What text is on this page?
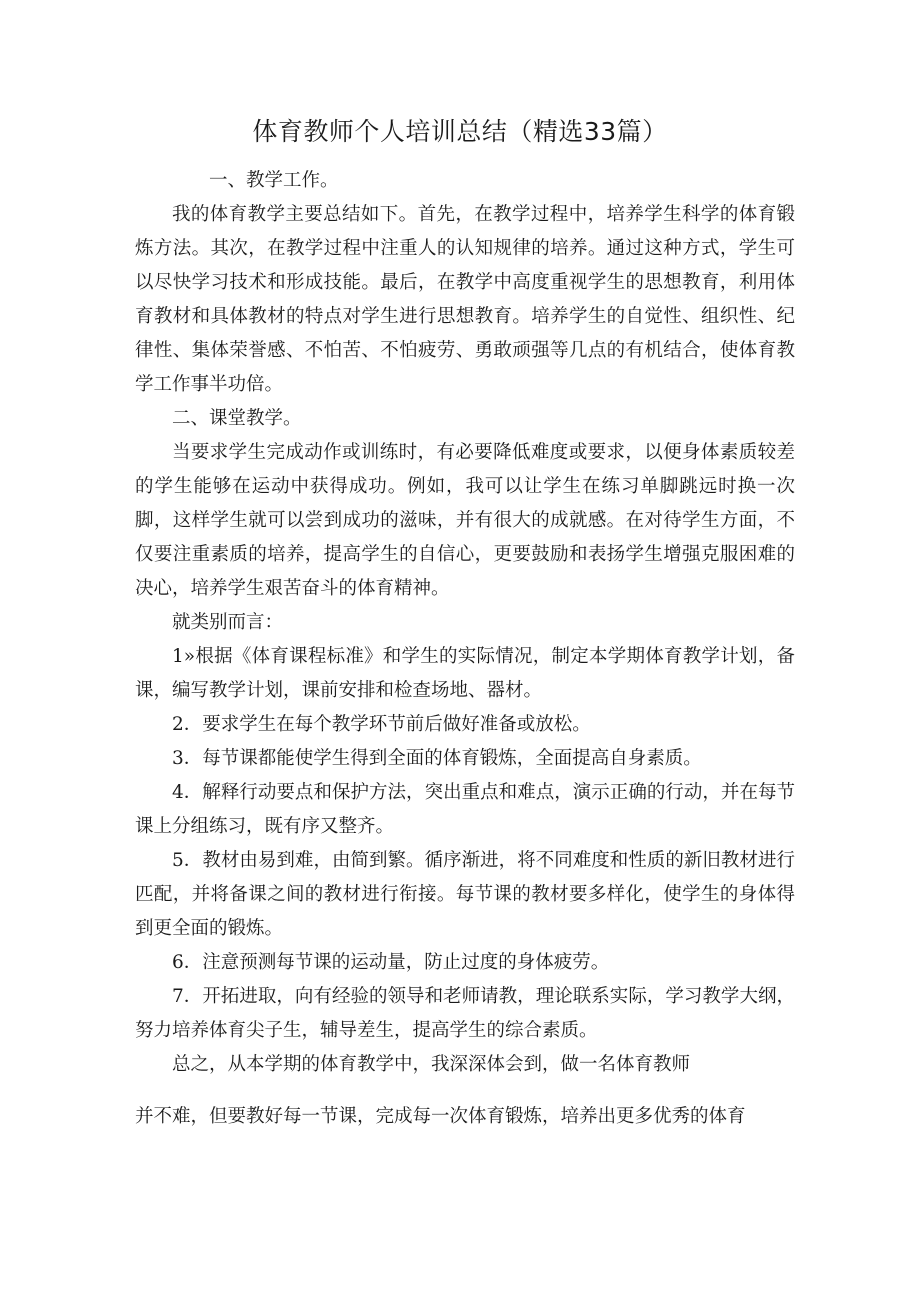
体育教师个人培训总结（精选33篇）

一、教学工作。

我的体育教学主要总结如下。首先，在教学过程中，培养学生科学的体育锻炼方法。其次，在教学过程中注重人的认知规律的培养。通过这种方式，学生可以尽快学习技术和形成技能。最后，在教学中高度重视学生的思想教育，利用体育教材和具体教材的特点对学生进行思想教育。培养学生的自觉性、组织性、纪律性、集体荣誉感、不怕苦、不怕疲劳、勇敢顽强等几点的有机结合，使体育教学工作事半功倍。

二、课堂教学。

当要求学生完成动作或训练时，有必要降低难度或要求，以便身体素质较差的学生能够在运动中获得成功。例如，我可以让学生在练习单脚跳远时换一次脚，这样学生就可以尝到成功的滋味，并有很大的成就感。在对待学生方面，不仅要注重素质的培养，提高学生的自信心，更要鼓励和表扬学生增强克服困难的决心，培养学生艰苦奋斗的体育精神。

就类别而言：

1»根据《体育课程标准》和学生的实际情况，制定本学期体育教学计划，备课，编写教学计划，课前安排和检查场地、器材。

2．要求学生在每个教学环节前后做好准备或放松。

3．每节课都能使学生得到全面的体育锻炼，全面提高自身素质。

4．解释行动要点和保护方法，突出重点和难点，演示正确的行动，并在每节课上分组练习，既有序又整齐。

5．教材由易到难，由简到繁。循序渐进，将不同难度和性质的新旧教材进行匹配，并将备课之间的教材进行衔接。每节课的教材要多样化，使学生的身体得到更全面的锻炼。

6．注意预测每节课的运动量，防止过度的身体疲劳。

7．开拓进取，向有经验的领导和老师请教，理论联系实际，学习教学大纲，努力培养体育尖子生，辅导差生，提高学生的综合素质。

总之，从本学期的体育教学中，我深深体会到，做一名体育教师

并不难，但要教好每一节课，完成每一次体育锻炼，培养出更多优秀的体育
